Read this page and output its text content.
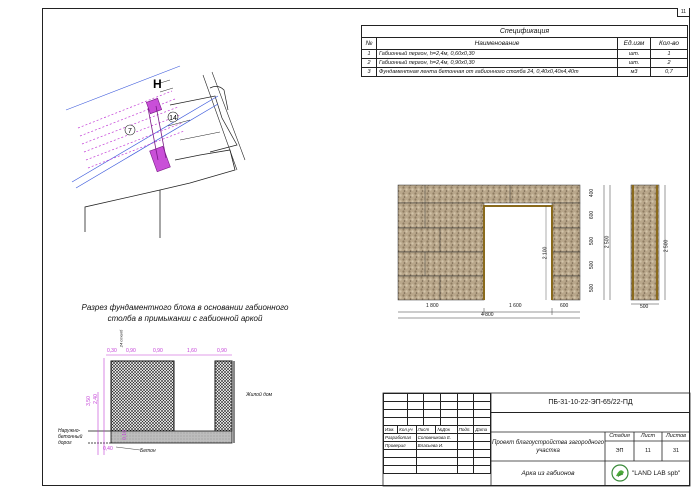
11
Спецификация			
№	Наименование	Ед.изм	Кол-во
1	Габионный пергон, h=2,4м, 0,60х0,30	шт.	1
2	Габионный пергон, h=2,4м, 0,90х0,30	шт.	2
3	Фундаментная лента бетонная от габионного столба 24, 0,40х0,40х4,40т	м3	0,7
7
14
H
1 800	1 600	600
4 800
400
600
500
500
500
2 500
2 100
2 500
500
Разрез фундаментного блока в основании габионного столба в примыкании с габионной аркой
0,30 0,90	0,90	1,60	0,90
3,50 2,40
0,40
0,10
Жилой дом
Наружно-бетонный дорог
Бетон
24 столб
Изм.	Кол.уч	Лист	№Док	Подп.	Дата
Разработал		Соломникова Е.			
Проверил		Власьева И.			

ПБ-31-10-22-ЭП-65/22-ПД
Проект благоустройства загородного участка
Арка из габионов
Стадия	Лист	Листов
ЭП	11	31
"LAND LAB spb"
